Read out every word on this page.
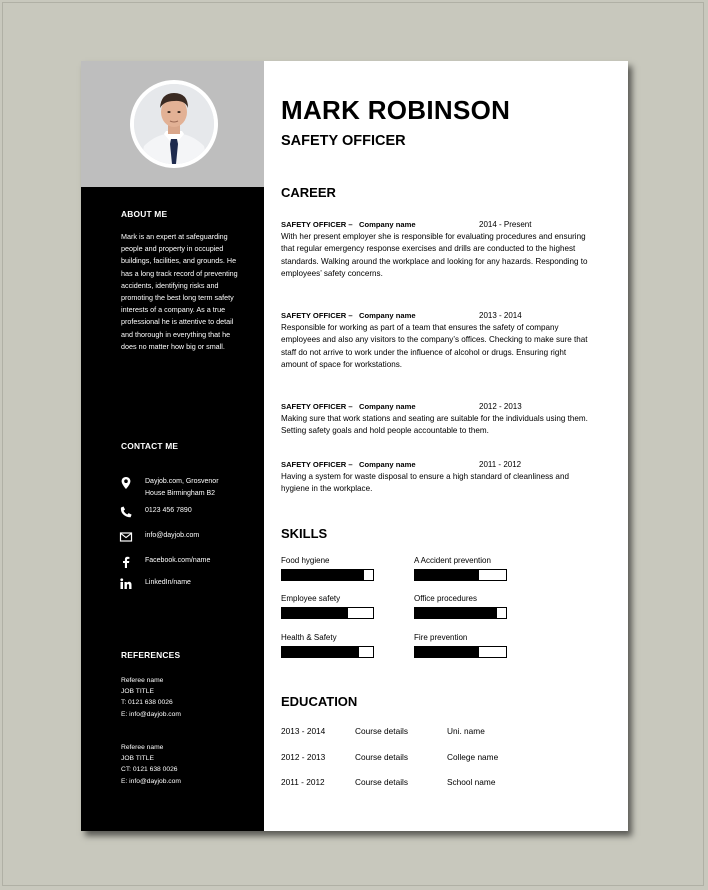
ABOUT ME
Mark is an expert at safeguarding people and property in occupied buildings, facilities, and grounds. He has a long track record of preventing accidents, identifying risks and promoting the best long term safety interests of a company. As a true professional he is attentive to detail and thorough in everything that he does no matter how big or small.
CONTACT ME
Dayjob.com, Grosvenor
House Birmingham B2
0123 456 7890
info@dayjob.com
Facebook.com/name
LinkedIn/name
REFERENCES
Referee name
JOB TITLE
T: 0121 638 0026
E: info@dayjob.com
Referee name
JOB TITLE
CT: 0121 638 0026
E: info@dayjob.com
MARK ROBINSON
SAFETY OFFICER
CAREER
SAFETY OFFICER – Company name	2014 - Present
With her present employer she is responsible for evaluating procedures and ensuring that regular emergency response exercises and drills are conducted to the highest standards. Walking around the workplace and looking for any hazards. Responding to employees’ safety concerns.
SAFETY OFFICER – Company name	2013 - 2014
Responsible for working as part of a team that ensures the safety of company employees and also any visitors to the company’s offices. Checking to make sure that staff do not arrive to work under the influence of alcohol or drugs. Ensuring right amount of space for workstations.
SAFETY OFFICER – Company name	2012 - 2013
Making sure that work stations and seating are suitable for the individuals using them. Setting safety goals and hold people accountable to them.
SAFETY OFFICER – Company name	2011 - 2012
Having a system for waste disposal to ensure a high standard of cleanliness and hygiene in the workplace.
SKILLS
Food hygiene	A Accident prevention
Employee safety	Office procedures
Health & Safety	Fire prevention
EDUCATION
2013 - 2014	Course details	Uni. name
2012 - 2013	Course details	College name
2011 - 2012	Course details	School name
